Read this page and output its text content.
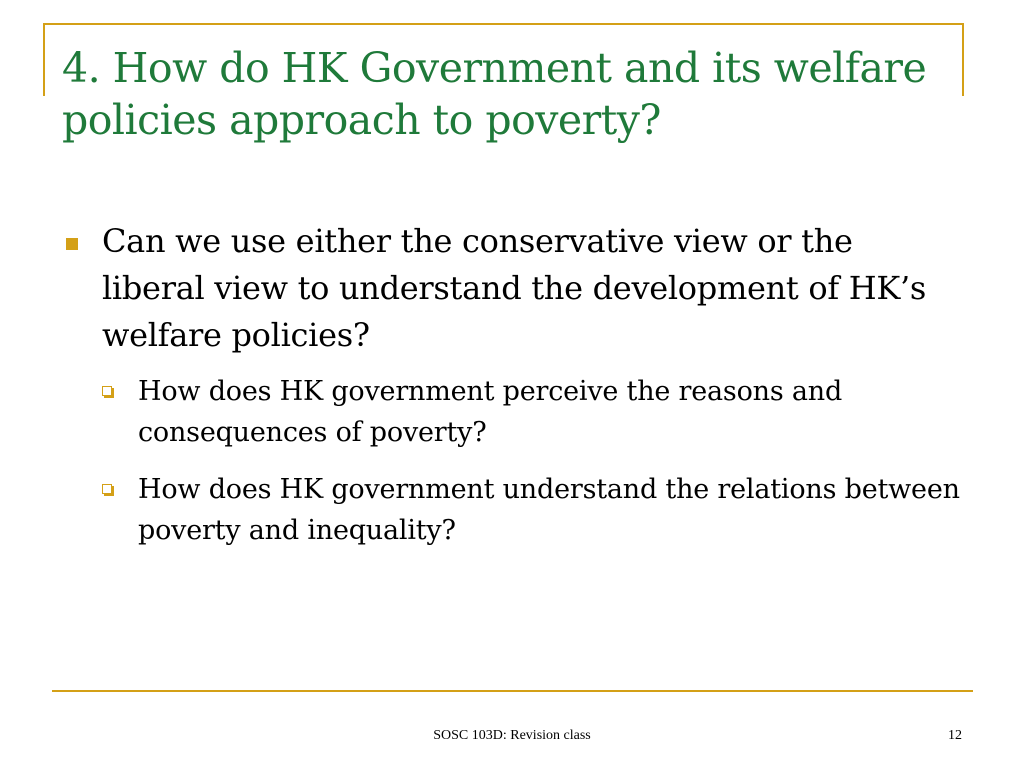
4. How do HK Government and its welfare policies approach to poverty?
Can we use either the conservative view or the liberal view to understand the development of HK’s welfare policies?
How does HK government perceive the reasons and consequences of poverty?
How does HK government understand the relations between poverty and inequality?
SOSC 103D: Revision class	12
